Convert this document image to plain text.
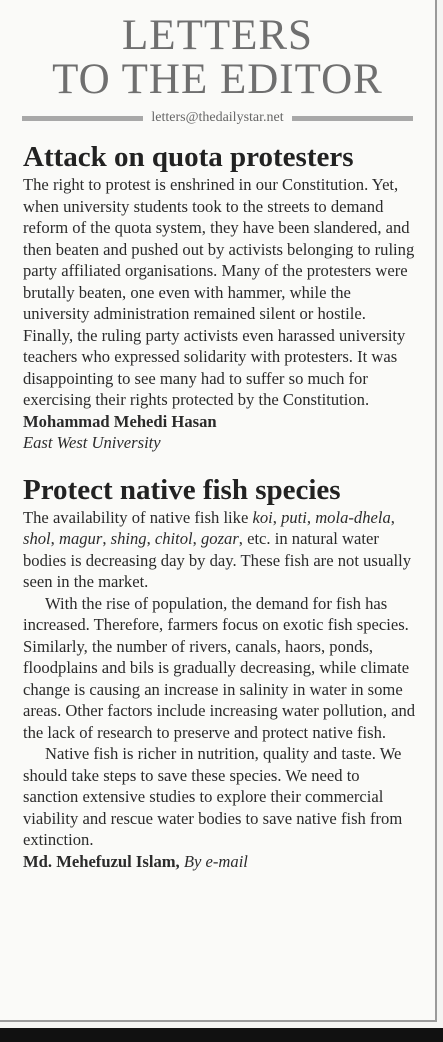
LETTERS
TO THE EDITOR
letters@thedailystar.net
Attack on quota protesters

The right to protest is enshrined in our Constitution. Yet, when university students took to the streets to demand reform of the quota system, they have been slandered, and then beaten and pushed out by activists belonging to ruling party affiliated organisations. Many of the protesters were brutally beaten, one even with hammer, while the university administration remained silent or hostile. Finally, the ruling party activists even harassed university teachers who expressed solidarity with protesters. It was disappointing to see many had to suffer so much for exercising their rights protected by the Constitution.

Mohammad Mehedi Hasan

East West University

Protect native fish species

The availability of native fish like koi, puti, mola-dhela, shol, magur, shing, chitol, gozar, etc. in natural water bodies is decreasing day by day. These fish are not usually seen in the market.

With the rise of population, the demand for fish has increased. Therefore, farmers focus on exotic fish species. Similarly, the number of rivers, canals, haors, ponds, floodplains and bils is gradually decreasing, while climate change is causing an increase in salinity in water in some areas. Other factors include increasing water pollution, and the lack of research to preserve and protect native fish.

Native fish is richer in nutrition, quality and taste. We should take steps to save these species. We need to sanction extensive studies to explore their commercial viability and rescue water bodies to save native fish from extinction.

Md. Mehefuzul Islam, By e-mail
